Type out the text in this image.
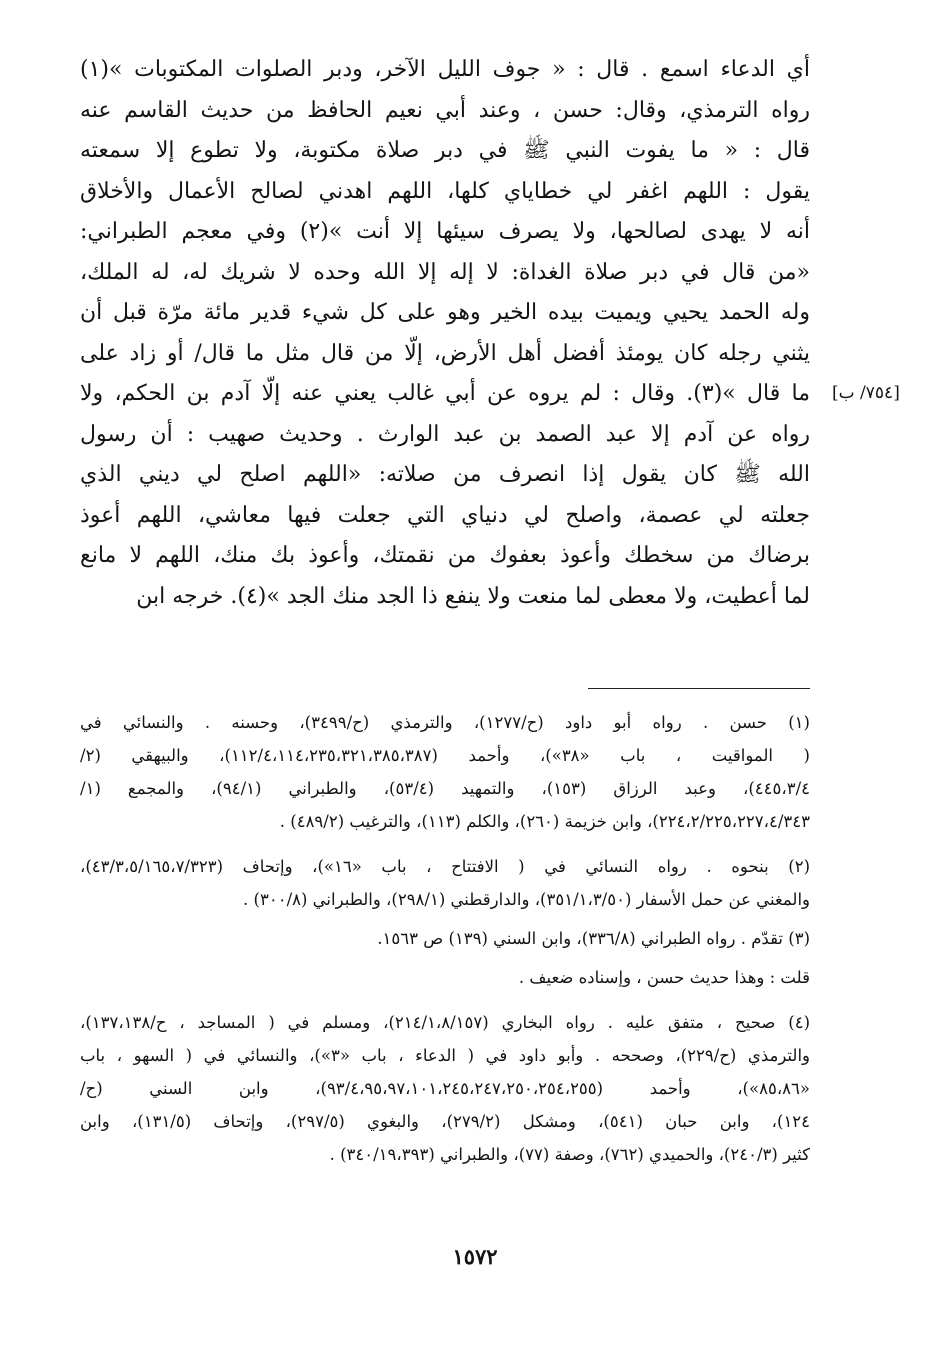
أي الدعاء اسمع . قال : « جوف الليل الآخر، ودبر الصلوات المكتوبات »(١)
رواه الترمذي، وقال: حسن ، وعند أبي نعيم الحافظ من حديث القاسم عنه
قال : « ما يفوت النبي ﷺ في دبر صلاة مكتوبة، ولا تطوع إلا سمعته
يقول : اللهم اغفر لي خطاياي كلها، اللهم اهدني لصالح الأعمال والأخلاق
أنه لا يهدى لصالحها، ولا يصرف سيئها إلا أنت »(٢) وفي معجم الطبراني:
«من قال في دبر صلاة الغداة: لا إله إلا الله وحده لا شريك له، له الملك،
وله الحمد يحيي ويميت بيده الخير وهو على كل شيء قدير مائة مرّة قبل أن
يثني رجله كان يومئذ أفضل أهل الأرض، إلّا من قال مثل ما قال/ أو زاد على
ما قال »(٣). وقال : لم يروه عن أبي غالب يعني عنه إلّا آدم بن الحكم، ولا
رواه عن آدم إلا عبد الصمد بن عبد الوارث . وحديث صهيب : أن رسول
الله ﷺ كان يقول إذا انصرف من صلاته: «اللهم اصلح لي ديني الذي
جعلته لي عصمة، واصلح لي دنياي التي جعلت فيها معاشي، اللهم أعوذ
برضاك من سخطك وأعوذ بعفوك من نقمتك، وأعوذ بك منك، اللهم لا مانع
لما أعطيت، ولا معطى لما منعت ولا ينفع ذا الجد منك الجد »(٤). خرجه ابن
[٧٥٤/ ب]
(١) حسن . رواه أبو داود (ح/١٢٧٧)، والترمذي (ح/٣٤٩٩)، وحسنه . والنسائي في
( المواقيت ، باب «٣٨»)، وأحمد (١١٢/٤،١١٤،٢٣٥،٣٢١،٣٨٥،٣٨٧)، والبيهقي (٢/
٤٤٥،٣/٤)، وعبد الرزاق (١٥٣)، والتمهيد (٥٣/٤)، والطبراني (٩٤/١)، والمجمع (١/
٢٢٤،٢/٢٢٥،٢٢٧،٤/٣٤٣)، وابن خزيمة (٢٦٠)، والكلم (١١٣)، والترغيب (٤٨٩/٢) .
(٢) بنحوه . رواه النسائي في ( الافتتاح ، باب «١٦»)، وإتحاف (٤٣/٣،٥/١٦٥،٧/٣٢٣)،
والمغني عن حمل الأسفار (٣٥١/١،٣/٥٠)، والدارقطني (٢٩٨/١)، والطبراني (٣٠٠/٨) .
(٣) تقدّم . رواه الطبراني (٣٣٦/٨)، وابن السني (١٣٩) ص ١٥٦٣.
قلت : وهذا حديث حسن ، وإسناده ضعيف .
(٤) صحيح ، متفق عليه . رواه البخاري (٢١٤/١،٨/١٥٧)، ومسلم في ( المساجد ، ح/١٣٧،١٣٨)،
والترمذي (ح/٢٢٩)، وصححه . وأبو داود في ( الدعاء ، باب «٣»)، والنسائي في ( السهو ، باب
«٨٥،٨٦»)، وأحمد (٩٣/٤،٩٥،٩٧،١٠١،٢٤٥،٢٤٧،٢٥٠،٢٥٤،٢٥٥)، وابن السني (ح/
١٢٤)، وابن حبان (٥٤١)، ومشكل (٢٧٩/٢)، والبغوي (٢٩٧/٥)، وإتحاف (١٣١/٥)، وابن
كثير (٢٤٠/٣)، والحميدي (٧٦٢)، وصفة (٧٧)، والطبراني (٣٤٠/١٩،٣٩٣) .
١٥٧٢
